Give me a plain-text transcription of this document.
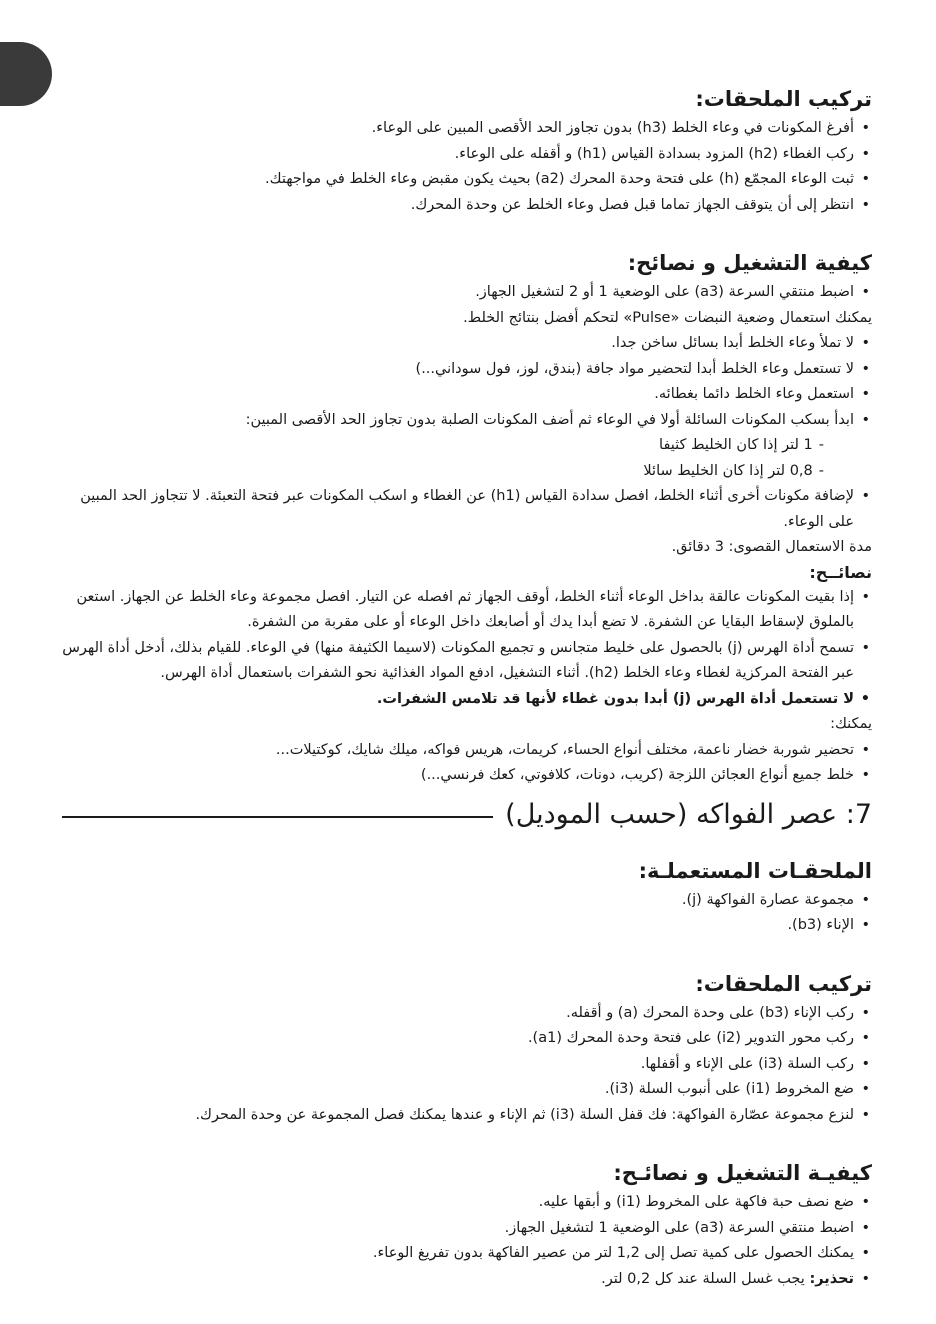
تركيب الملحقات:
• أفرغ المكونات في وعاء الخلط (h3) بدون تجاوز الحد الأقصى المبين على الوعاء.
• ركب الغطاء (h2) المزود بسدادة القياس (h1) و أقفله على الوعاء.
• ثبت الوعاء المجمّع (h) على فتحة وحدة المحرك (a2) بحيث يكون مقبض وعاء الخلط في مواجهتك.
• انتظر إلى أن يتوقف الجهاز تماما قبل فصل وعاء الخلط عن وحدة المحرك.
كيفية التشغيل و نصائح:
• اضبط منتقي السرعة (a3) على الوضعية 1 أو 2 لتشغيل الجهاز.
يمكنك استعمال وضعية النبضات «Pulse» لتحكم أفضل بنتائج الخلط.
• لا تملأ وعاء الخلط أبدا بسائل ساخن جدا.
• لا تستعمل وعاء الخلط أبدا لتحضير مواد جافة (بندق، لوز، فول سوداني...)
• استعمل وعاء الخلط دائما بغطائه.
• ابدأ بسكب المكونات السائلة أولا في الوعاء ثم أضف المكونات الصلبة بدون تجاوز الحد الأقصى المبين:
-1 لتر إذا كان الخليط كثيفا
-0,8 لتر إذا كان الخليط سائلا
• لإضافة مكونات أخرى أثناء الخلط، افصل سدادة القياس (h1) عن الغطاء و اسكب المكونات عبر فتحة التعبئة. لا تتجاوز الحد المبين على الوعاء.
مدة الاستعمال القصوى: 3 دقائق.
نصائــح:
• إذا بقيت المكونات عالقة بداخل الوعاء أثناء الخلط، أوقف الجهاز ثم افصله عن التيار. افصل مجموعة وعاء الخلط عن الجهاز. استعن بالملوق لإسقاط البقايا عن الشفرة. لا تضع أبدا يدك أو أصابعك داخل الوعاء أو على مقربة من الشفرة.
• تسمح أداة الهرس (j) بالحصول على خليط متجانس و تجميع المكونات (لاسيما الكثيفة منها) في الوعاء. للقيام بذلك، أدخل أداة الهرس عبر الفتحة المركزية لغطاء وعاء الخلط (h2). أثناء التشغيل، ادفع المواد الغذائية نحو الشفرات باستعمال أداة الهرس.
• لا تستعمل أداة الهرس (j) أبدا بدون غطاء لأنها قد تلامس الشفرات.
يمكنك:
• تحضير شوربة خضار ناعمة، مختلف أنواع الحساء، كريمات، هريس فواكه، ميلك شايك، كوكتيلات...
• خلط جميع أنواع العجائن اللزجة (كريب، دونات، كلافوتي، كعك فرنسي...)
7: عصر الفواكه (حسب الموديل)
الملحقـات المستعملـة:
• مجموعة عصارة الفواكهة (j).
• الإناء (b3).
تركيب الملحقات:
• ركب الإناء (b3) على وحدة المحرك (a) و أقفله.
• ركب محور التدوير (i2) على فتحة وحدة المحرك (a1).
• ركب السلة (i3) على الإناء و أقفلها.
• ضع المخروط (i1) على أنبوب السلة (i3).
• لنزع مجموعة عصّارة الفواكهة: فك قفل السلة (i3) ثم الإناء و عندها يمكنك فصل المجموعة عن وحدة المحرك.
كيفيـة التشغيل و نصائـح:
• ضع نصف حبة فاكهة على المخروط (i1) و أبقها عليه.
• اضبط منتقي السرعة (a3) على الوضعية 1 لتشغيل الجهاز.
• يمكنك الحصول على كمية تصل إلى 1,2 لتر من عصير الفاكهة بدون تفريغ الوعاء.
• تحذير: يجب غسل السلة عند كل 0,2 لتر.
